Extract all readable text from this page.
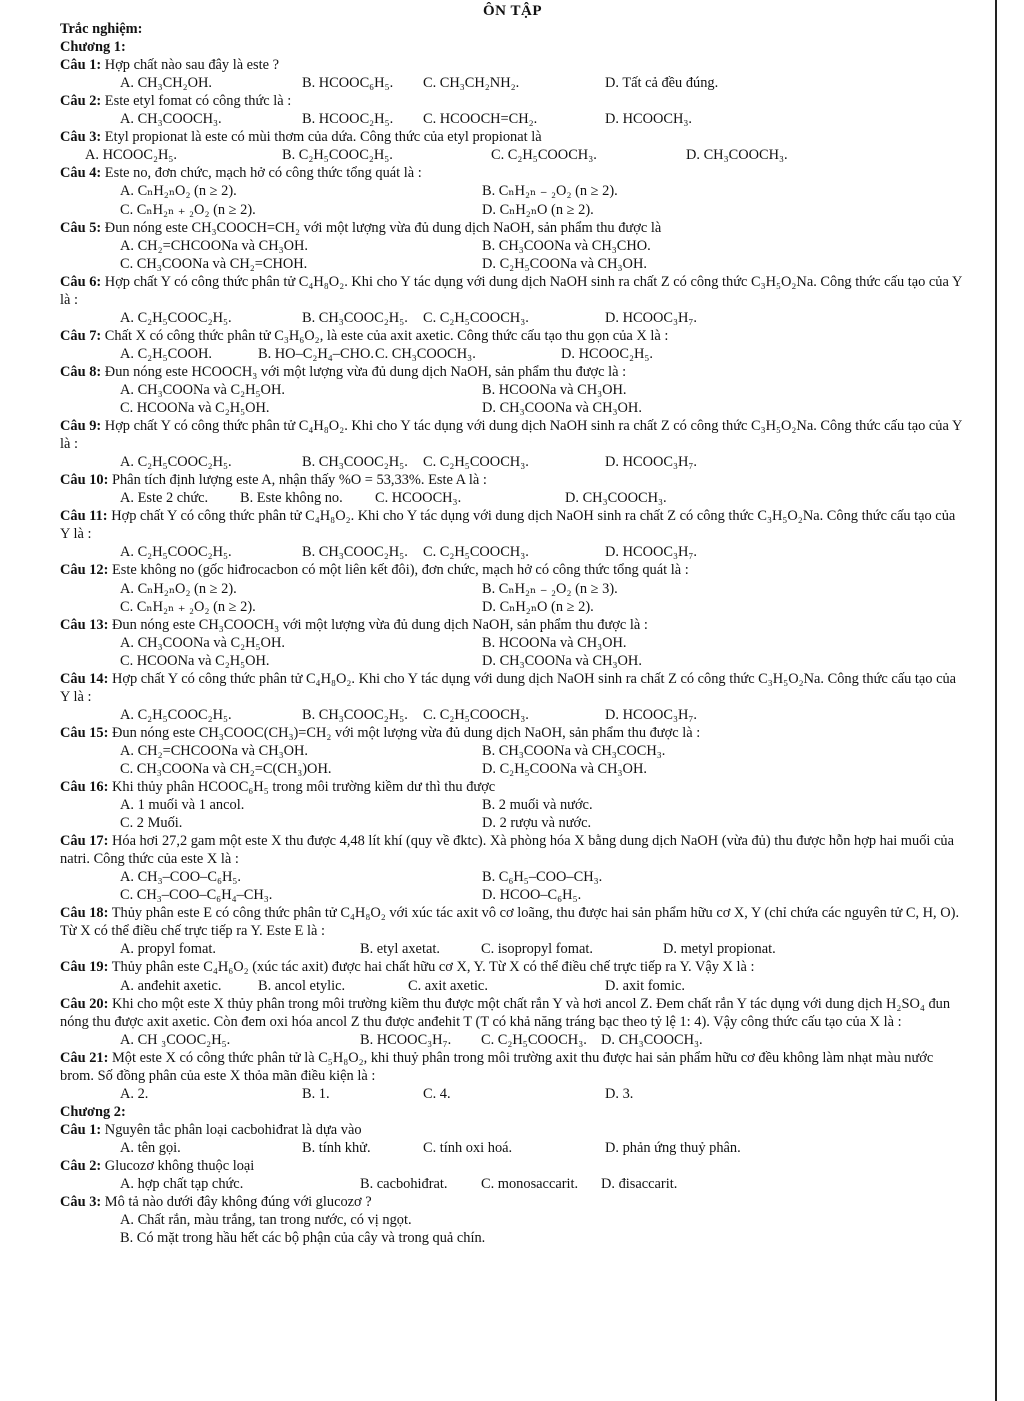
ÔN TẬP
Trắc nghiệm:
Chương 1:
Câu 1: Hợp chất nào sau đây là este ?
A. CH₃CH₂OH.	B. HCOOC₆H₅.	C. CH₃CH₂NH₂.	D. Tất cả đều đúng.
Câu 2: Este etyl fomat có công thức là :
A. CH₃COOCH₃.	B. HCOOC₂H₅.	C. HCOOCH=CH₂.	D. HCOOCH₃.
Câu 3: Etyl propionat là este có mùi thơm của dứa. Công thức của etyl propionat là
A. HCOOC₂H₅.	B. C₂H₅COOC₂H₅.	C. C₂H₅COOCH₃.	D. CH₃COOCH₃.
Câu 4: Este no, đơn chức, mạch hở có công thức tổng quát là :
A. CₙH₂ₙO₂ (n ≥ 2).	B. CₙH₂ₙ ₋ ₂O₂ (n ≥ 2).
C. CₙH₂ₙ ₊ ₂O₂ (n ≥ 2).	D. CₙH₂ₙO (n ≥ 2).
Câu 5: Đun nóng este CH₃COOCH=CH₂ với một lượng vừa đủ dung dịch NaOH, sản phẩm thu được là
A. CH₂=CHCOONa và CH₃OH.	B. CH₃COONa và CH₃CHO.
C. CH₃COONa và CH₂=CHOH.	D. C₂H₅COONa và CH₃OH.
Câu 6: Hợp chất Y có công thức phân tử C₄H₈O₂. Khi cho Y tác dụng với dung dịch NaOH sinh ra chất Z có công thức C₃H₅O₂Na. Công thức cấu tạo của Y là :
A. C₂H₅COOC₂H₅.	B. CH₃COOC₂H₅.	C. C₂H₅COOCH₃.	D. HCOOC₃H₇.
Câu 7: Chất X có công thức phân tử C₃H₆O₂, là este của axit axetic. Công thức cấu tạo thu gọn của X là :
A. C₂H₅COOH.	B. HO–C₂H₄–CHO. C. CH₃COOCH₃.	D. HCOOC₂H₅.
Câu 8: Đun nóng este HCOOCH₃ với một lượng vừa đủ dung dịch NaOH, sản phẩm thu được là :
A. CH₃COONa và C₂H₅OH.	B. HCOONa và CH₃OH.
C. HCOONa và C₂H₅OH.	D. CH₃COONa và CH₃OH.
Câu 9: Hợp chất Y có công thức phân tử C₄H₈O₂. Khi cho Y tác dụng với dung dịch NaOH sinh ra chất Z có công thức C₃H₅O₂Na. Công thức cấu tạo của Y là :
A. C₂H₅COOC₂H₅.	B. CH₃COOC₂H₅.	C. C₂H₅COOCH₃.	D. HCOOC₃H₇.
Câu 10: Phân tích định lượng este A, nhận thấy %O = 53,33%. Este A là :
A. Este 2 chức.	B. Este không no.	C. HCOOCH₃.	D. CH₃COOCH₃.
Câu 11: Hợp chất Y có công thức phân tử C₄H₈O₂. Khi cho Y tác dụng với dung dịch NaOH sinh ra chất Z có công thức C₃H₅O₂Na. Công thức cấu tạo của Y là :
A. C₂H₅COOC₂H₅.	B. CH₃COOC₂H₅.	C. C₂H₅COOCH₃.	D. HCOOC₃H₇.
Câu 12: Este không no (gốc hiđrocacbon có một liên kết đôi), đơn chức, mạch hở có công thức tổng quát là :
A. CₙH₂ₙO₂ (n ≥ 2).	B. CₙH₂ₙ ₋ ₂O₂ (n ≥ 3).
C. CₙH₂ₙ ₊ ₂O₂ (n ≥ 2).	D. CₙH₂ₙO (n ≥ 2).
Câu 13: Đun nóng este CH₃COOCH₃ với một lượng vừa đủ dung dịch NaOH, sản phẩm thu được là :
A. CH₃COONa và C₂H₅OH.	B. HCOONa và CH₃OH.
C. HCOONa và C₂H₅OH.	D. CH₃COONa và CH₃OH.
Câu 14: Hợp chất Y có công thức phân tử C₄H₈O₂. Khi cho Y tác dụng với dung dịch NaOH sinh ra chất Z có công thức C₃H₅O₂Na. Công thức cấu tạo của Y là :
A. C₂H₅COOC₂H₅.	B. CH₃COOC₂H₅.	C. C₂H₅COOCH₃.	D. HCOOC₃H₇.
Câu 15: Đun nóng este CH₃COOC(CH₃)=CH₂ với một lượng vừa đủ dung dịch NaOH, sản phẩm thu được là :
A. CH₂=CHCOONa và CH₃OH.	B. CH₃COONa và CH₃COCH₃.
C. CH₃COONa và CH₂=C(CH₃)OH.	D. C₂H₅COONa và CH₃OH.
Câu 16: Khi thủy phân HCOOC₆H₅ trong môi trường kiềm dư thì thu được
A. 1 muối và 1 ancol.	B. 2 muối và nước.
C. 2 Muối.	D. 2 rượu và nước.
Câu 17: Hóa hơi 27,2 gam một este X thu được 4,48 lít khí (quy về đktc). Xà phòng hóa X bằng dung dịch NaOH (vừa đủ) thu được hỗn hợp hai muối của natri. Công thức của este X là :
A. CH₃–COO–C₆H₅.	B. C₆H₅–COO–CH₃.
C. CH₃–COO–C₆H₄–CH₃.	D. HCOO–C₆H₅.
Câu 18: Thủy phân este E có công thức phân tử C₄H₈O₂ với xúc tác axit vô cơ loãng, thu được hai sản phẩm hữu cơ X, Y (chỉ chứa các nguyên tử C, H, O). Từ X có thể điều chế trực tiếp ra Y. Este E là :
A. propyl fomat.	B. etyl axetat.	C. isopropyl fomat.	D. metyl propionat.
Câu 19: Thủy phân este C₄H₆O₂ (xúc tác axit) được hai chất hữu cơ X, Y. Từ X có thể điều chế trực tiếp ra Y. Vậy X là :
A. anđehit axetic.	B. ancol etylic.	C. axit axetic.	D. axit fomic.
Câu 20: Khi cho một este X thủy phân trong môi trường kiềm thu được một chất rắn Y và hơi ancol Z. Đem chất rắn Y tác dụng với dung dịch H₂SO₄ đun nóng thu được axit axetic. Còn đem oxi hóa ancol Z thu được anđehit T (T có khả năng tráng bạc theo tỷ lệ 1: 4). Vậy công thức cấu tạo của X là :
A. CH ₃COOC₂H₅.	B. HCOOC₃H₇.	C. C₂H₅COOCH₃. D. CH₃COOCH₃.
Câu 21: Một este X có công thức phân tử là C₅H₈O₂, khi thuỷ phân trong môi trường axit thu được hai sản phẩm hữu cơ đều không làm nhạt màu nước brom. Số đồng phân của este X thỏa mãn điều kiện là :
A. 2.	B. 1.	C. 4.	D. 3.
Chương 2:
Câu 1: Nguyên tắc phân loại cacbohiđrat là dựa vào
A. tên gọi.	B. tính khử.	C. tính oxi hoá.	D. phản ứng thuỷ phân.
Câu 2: Glucozơ không thuộc loại
A. hợp chất tạp chức.	B. cacbohiđrat.	C. monosaccarit.	D. đisaccarit.
Câu 3: Mô tả nào dưới đây không đúng với glucozơ ?
A. Chất rắn, màu trắng, tan trong nước, có vị ngọt.
B. Có mặt trong hầu hết các bộ phận của cây và trong quả chín.
